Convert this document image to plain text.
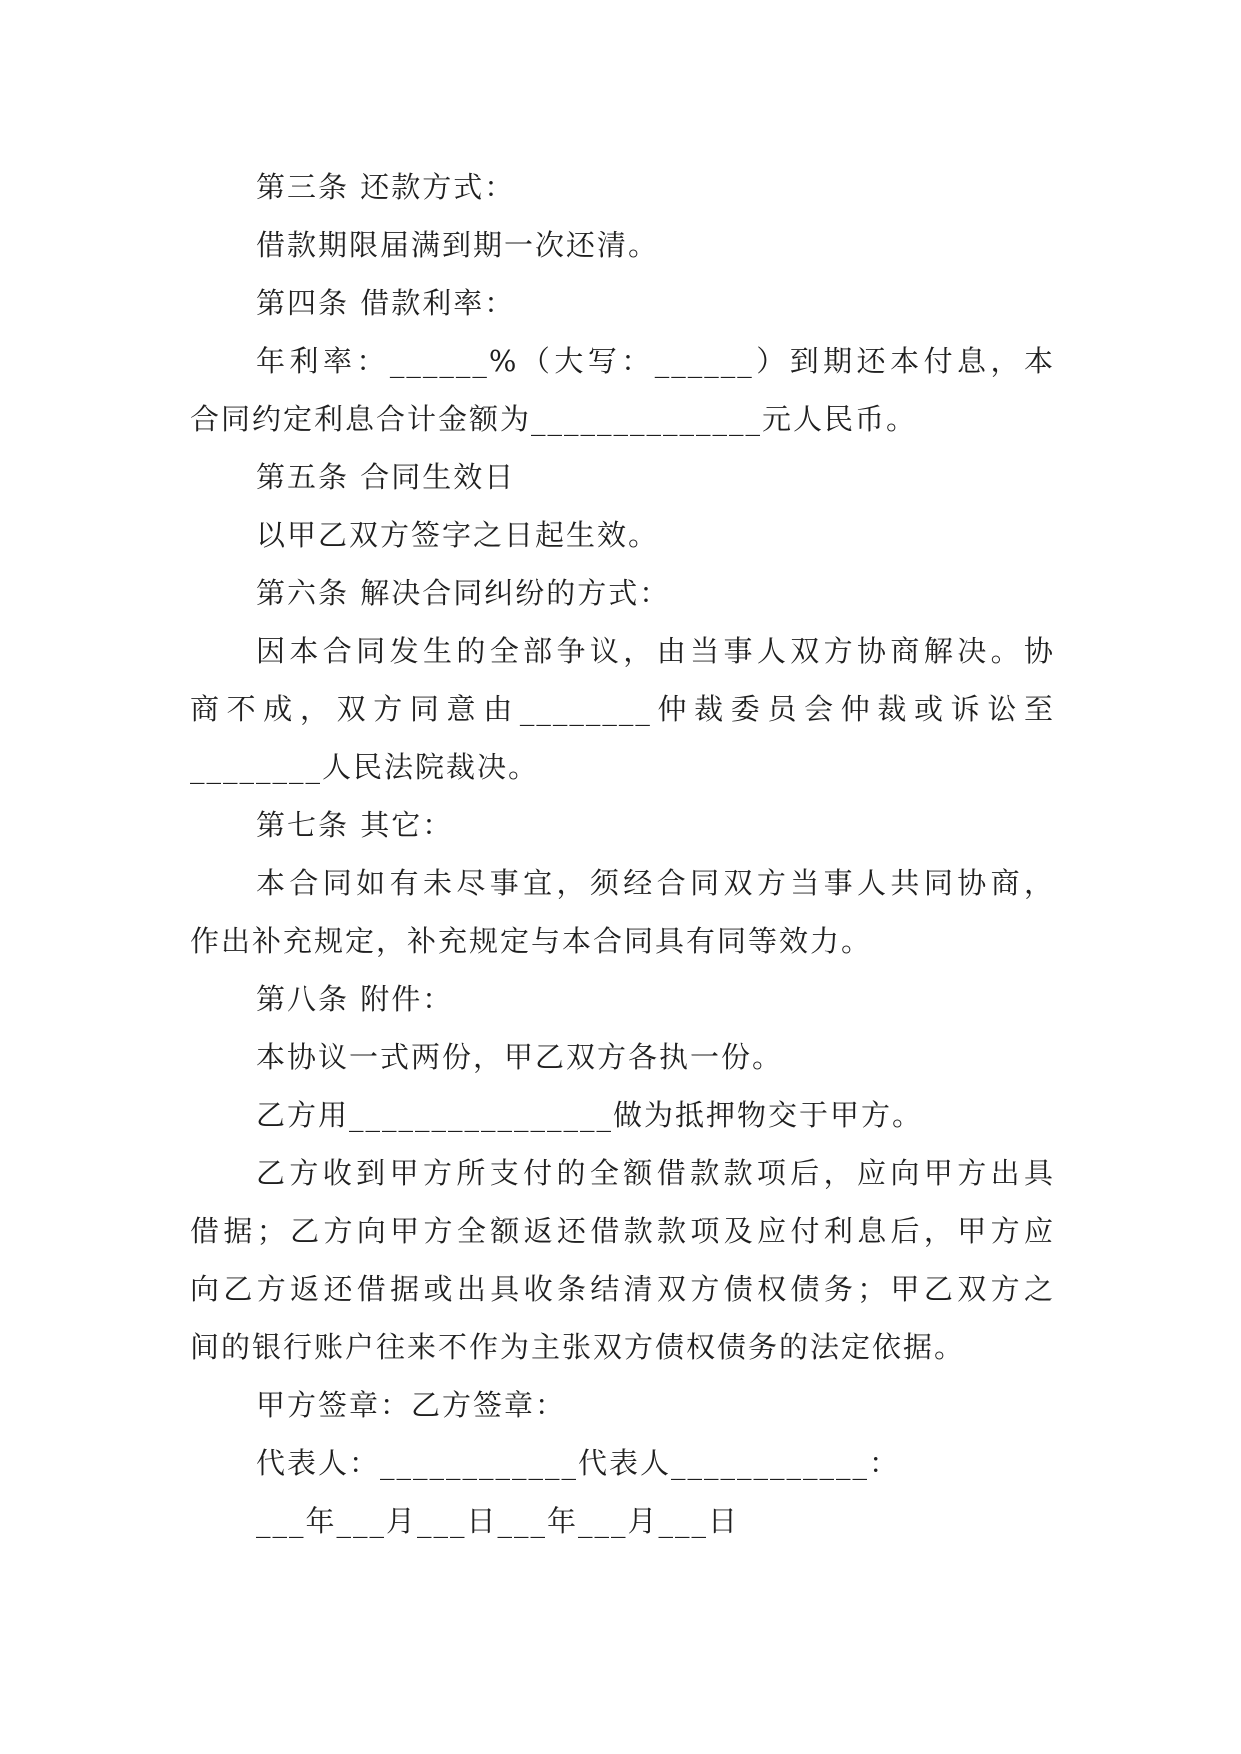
第三条 还款方式：

借款期限届满到期一次还清。

第四条 借款利率：

年利率：______%（大写：______）到期还本付息，本
合同约定利息合计金额为______________元人民币。

第五条 合同生效日

以甲乙双方签字之日起生效。

第六条 解决合同纠纷的方式：

因本合同发生的全部争议，由当事人双方协商解决。协
商不成，双方同意由________仲裁委员会仲裁或诉讼至
________人民法院裁决。

第七条 其它：

本合同如有未尽事宜，须经合同双方当事人共同协商，
作出补充规定，补充规定与本合同具有同等效力。

第八条 附件：

本协议一式两份，甲乙双方各执一份。

乙方用________________做为抵押物交于甲方。

乙方收到甲方所支付的全额借款款项后，应向甲方出具
借据；乙方向甲方全额返还借款款项及应付利息后，甲方应
向乙方返还借据或出具收条结清双方债权债务；甲乙双方之
间的银行账户往来不作为主张双方债权债务的法定依据。

甲方签章：乙方签章：

代表人：____________代表人____________：

___年___月___日___年___月___日
